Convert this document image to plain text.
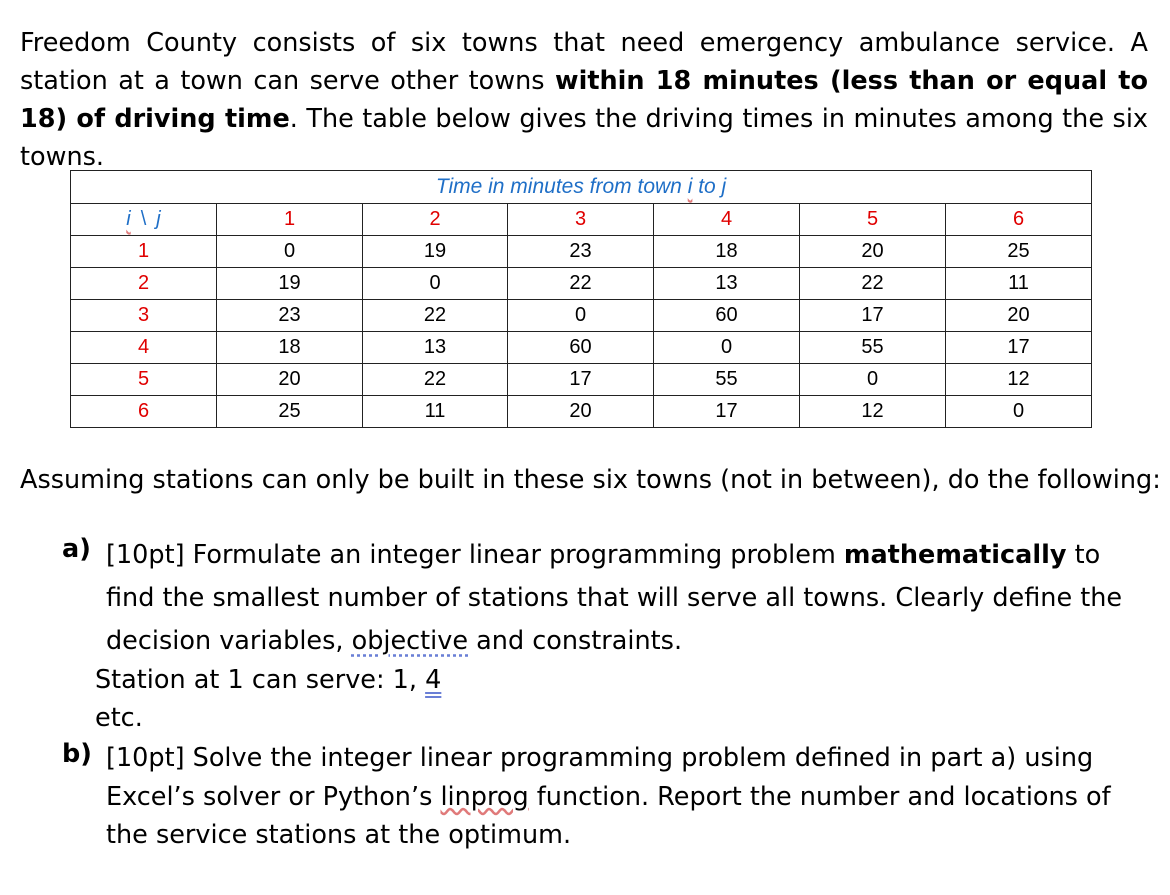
Freedom County consists of six towns that need emergency ambulance service. A station at a town can serve other towns within 18 minutes (less than or equal to 18) of driving time. The table below gives the driving times in minutes among the six towns.

Time in minutes from town i to j						
i \ j	1	2	3	4	5	6
1	0	19	23	18	20	25
2	19	0	22	13	22	11
3	23	22	0	60	17	20
4	18	13	60	0	55	17
5	20	22	17	55	0	12
6	25	11	20	17	12	0
Assuming stations can only be built in these six towns (not in between), do the following:
a) [10pt] Formulate an integer linear programming problem mathematically to find the smallest number of stations that will serve all towns. Clearly define the decision variables, objective and constraints.
Station at 1 can serve: 1, 4
etc.
b) [10pt] Solve the integer linear programming problem defined in part a) using Excel’s solver or Python’s linprog function. Report the number and locations of the service stations at the optimum.
